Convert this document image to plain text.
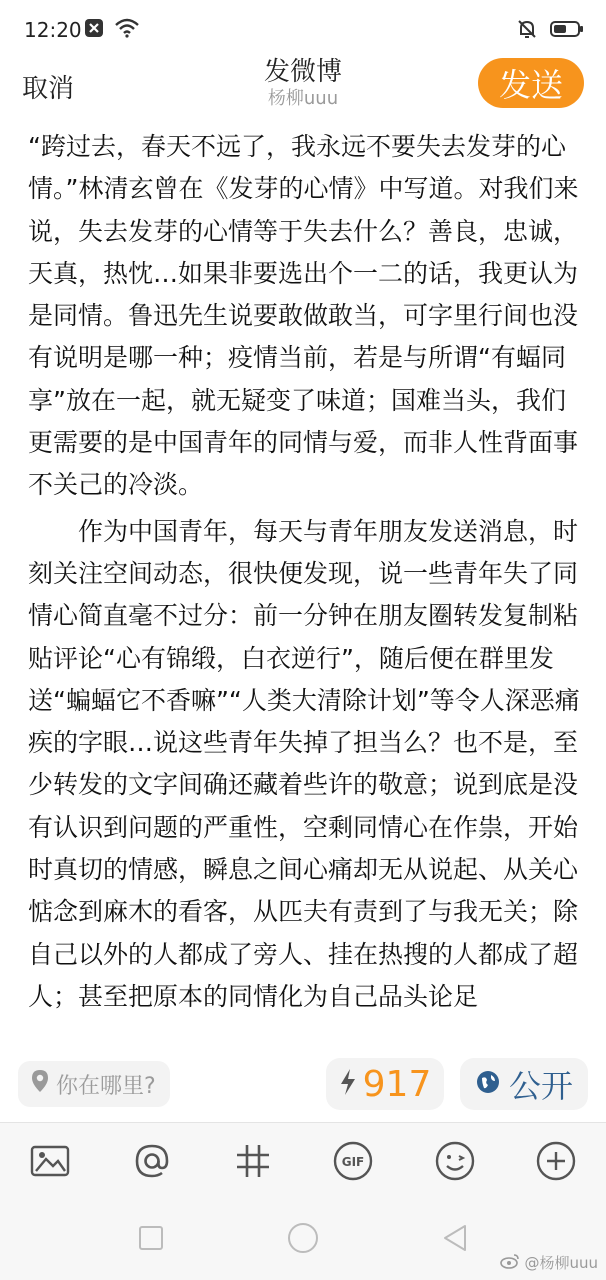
12:20
发微博
杨柳uuu
取消	发送

“跨过去，春天不远了，我永远不要失去发芽的心情。”林清玄曾在《发芽的心情》中写道。对我们来说，失去发芽的心情等于失去什么？善良，忠诚，天真，热忱…如果非要选出个一二的话，我更认为是同情。鲁迅先生说要敢做敢当，可字里行间也没有说明是哪一种；疫情当前，若是与所谓“有蝠同享”放在一起，就无疑变了味道；国难当头，我们更需要的是中国青年的同情与爱，而非人性背面事不关己的冷淡。

作为中国青年，每天与青年朋友发送消息，时刻关注空间动态，很快便发现，说一些青年失了同情心简直毫不过分：前一分钟在朋友圈转发复制粘贴评论“心有锦缎，白衣逆行”，随后便在群里发送“蝙蝠它不香嘛”“人类大清除计划”等令人深恶痛疾的字眼…说这些青年失掉了担当么？也不是，至少转发的文字间确还藏着些许的敬意；说到底是没有认识到问题的严重性，空剩同情心在作祟，开始时真切的情感，瞬息之间心痛却无从说起、从关心惦念到麻木的看客，从匹夫有责到了与我无关；除自己以外的人都成了旁人、挂在热搜的人都成了超人；甚至把原本的同情化为自己品头论足

你在哪里?	917 公开
GIF
@杨柳uuu
